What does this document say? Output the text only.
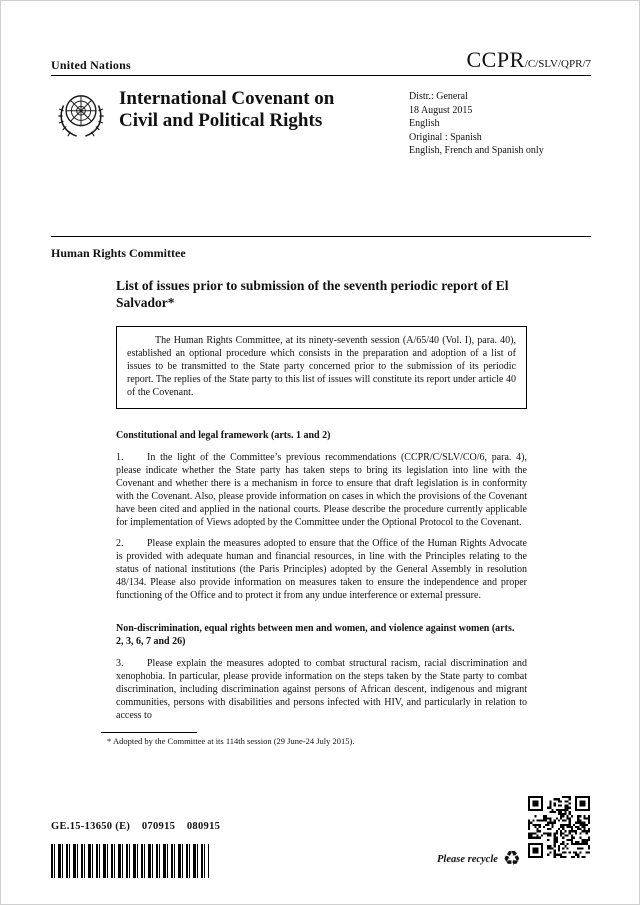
United Nations	CCPR/C/SLV/QPR/7
International Covenant on
Civil and Political Rights
Distr.: General
18 August 2015
English
Original : Spanish
English, French and Spanish only
Human Rights Committee
List of issues prior to submission of the seventh periodic report of El Salvador*

The Human Rights Committee, at its ninety-seventh session (A/65/40 (Vol. I), para. 40), established an optional procedure which consists in the preparation and adoption of a list of issues to be transmitted to the State party concerned prior to the submission of its periodic report. The replies of the State party to this list of issues will constitute its report under article 40 of the Covenant.

Constitutional and legal framework (arts. 1 and 2)

1. In the light of the Committee’s previous recommendations (CCPR/C/SLV/CO/6, para. 4), please indicate whether the State party has taken steps to bring its legislation into line with the Covenant and whether there is a mechanism in force to ensure that draft legislation is in conformity with the Covenant. Also, please provide information on cases in which the provisions of the Covenant have been cited and applied in the national courts. Please describe the procedure currently applicable for implementation of Views adopted by the Committee under the Optional Protocol to the Covenant.

2. Please explain the measures adopted to ensure that the Office of the Human Rights Advocate is provided with adequate human and financial resources, in line with the Principles relating to the status of national institutions (the Paris Principles) adopted by the General Assembly in resolution 48/134. Please also provide information on measures taken to ensure the independence and proper functioning of the Office and to protect it from any undue interference or external pressure.

Non-discrimination, equal rights between men and women, and violence against women (arts. 2, 3, 6, 7 and 26)

3. Please explain the measures adopted to combat structural racism, racial discrimination and xenophobia. In particular, please provide information on the steps taken by the State party to combat discrimination, including discrimination against persons of African descent, indigenous and migrant communities, persons with disabilities and persons infected with HIV, and particularly in relation to access to

* Adopted by the Committee at its 114th session (29 June-24 July 2015).
GE.15-13650 (E)    070915    080915
Please recycle ♻
